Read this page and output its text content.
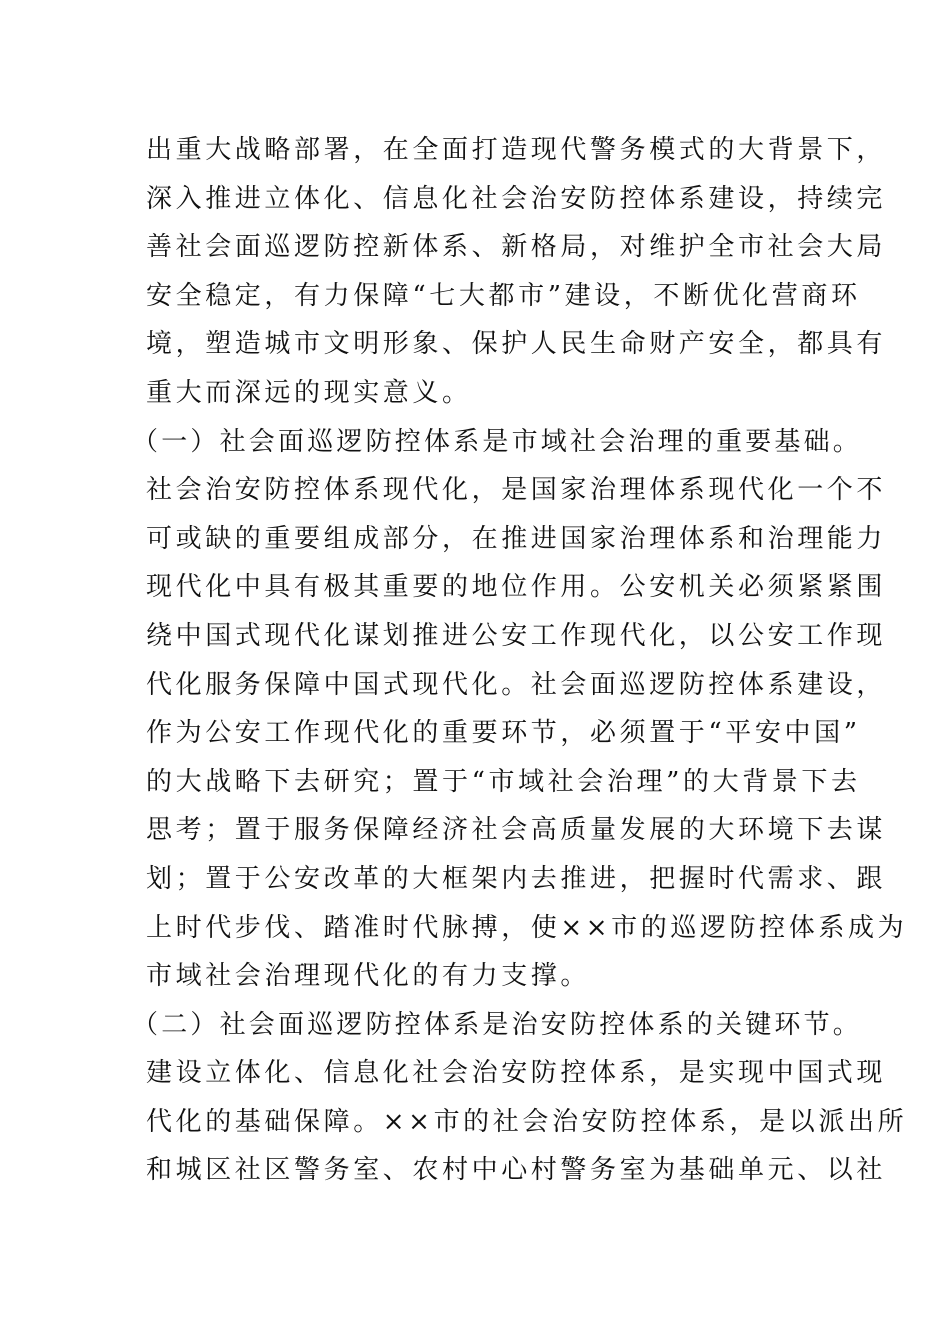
出重大战略部署，在全面打造现代警务模式的大背景下，
深入推进立体化、信息化社会治安防控体系建设，持续完
善社会面巡逻防控新体系、新格局，对维护全市社会大局
安全稳定，有力保障“七大都市”建设，不断优化营商环
境，塑造城市文明形象、保护人民生命财产安全，都具有
重大而深远的现实意义。
（一）社会面巡逻防控体系是市域社会治理的重要基础。
社会治安防控体系现代化，是国家治理体系现代化一个不
可或缺的重要组成部分，在推进国家治理体系和治理能力
现代化中具有极其重要的地位作用。公安机关必须紧紧围
绕中国式现代化谋划推进公安工作现代化，以公安工作现
代化服务保障中国式现代化。社会面巡逻防控体系建设，
作为公安工作现代化的重要环节，必须置于“平安中国”
的大战略下去研究；置于“市域社会治理”的大背景下去
思考；置于服务保障经济社会高质量发展的大环境下去谋
划；置于公安改革的大框架内去推进，把握时代需求、跟
上时代步伐、踏准时代脉搏，使××市的巡逻防控体系成为
市域社会治理现代化的有力支撑。
（二）社会面巡逻防控体系是治安防控体系的关键环节。
建设立体化、信息化社会治安防控体系，是实现中国式现
代化的基础保障。××市的社会治安防控体系，是以派出所
和城区社区警务室、农村中心村警务室为基础单元、以社
